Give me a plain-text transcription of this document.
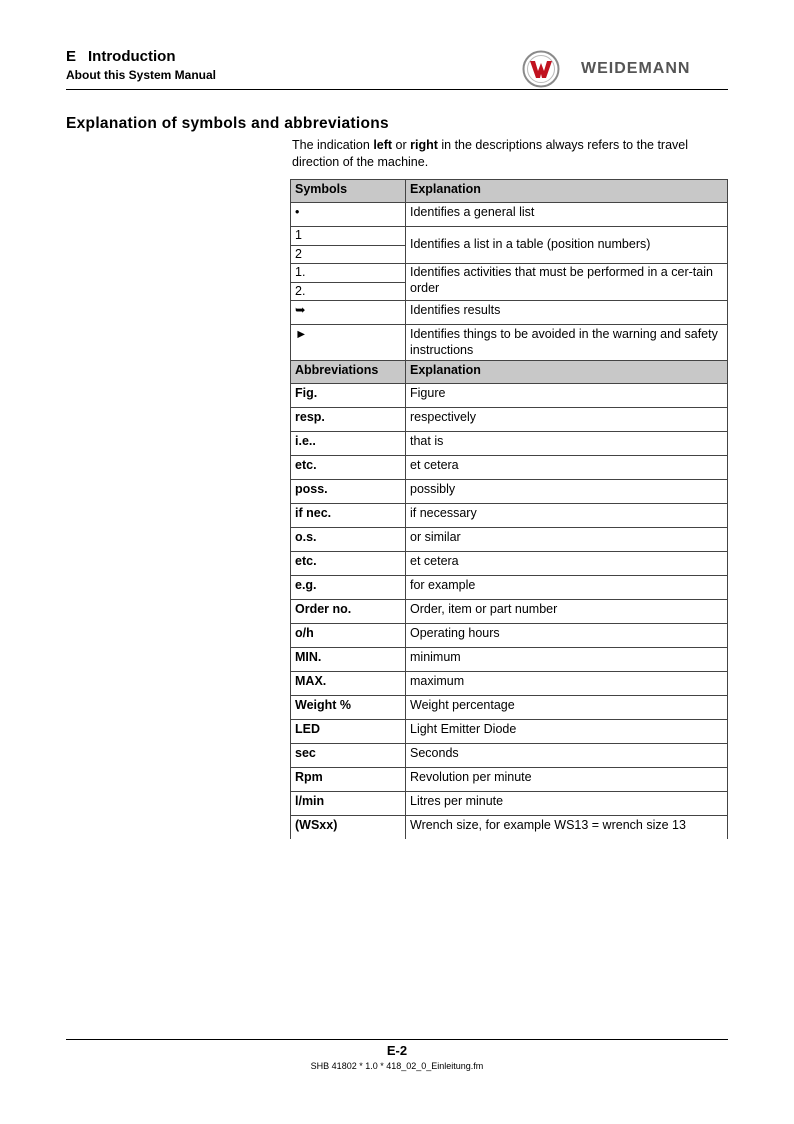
E Introduction
About this System Manual	WEIDEMANN
Explanation of symbols and abbreviations
The indication left or right in the descriptions always refers to the travel direction of the machine.
Symbols	Explanation
•	Identifies a general list
1	Identifies a list in a table (position numbers)
2	
1.	Identifies activities that must be performed in a cer-tain order
2.	
➥	Identifies results
►	Identifies things to be avoided in the warning and safety instructions
Abbreviations	Explanation
Fig.	Figure
resp.	respectively
i.e..	that is
etc.	et cetera
poss.	possibly
if nec.	if necessary
o.s.	or similar
etc.	et cetera
e.g.	for example
Order no.	Order, item or part number
o/h	Operating hours
MIN.	minimum
MAX.	maximum
Weight %	Weight percentage
LED	Light Emitter Diode
sec	Seconds
Rpm	Revolution per minute
l/min	Litres per minute
(WSxx)	Wrench size, for example WS13 = wrench size 13
E-2
SHB 41802 * 1.0 * 418_02_0_Einleitung.fm
